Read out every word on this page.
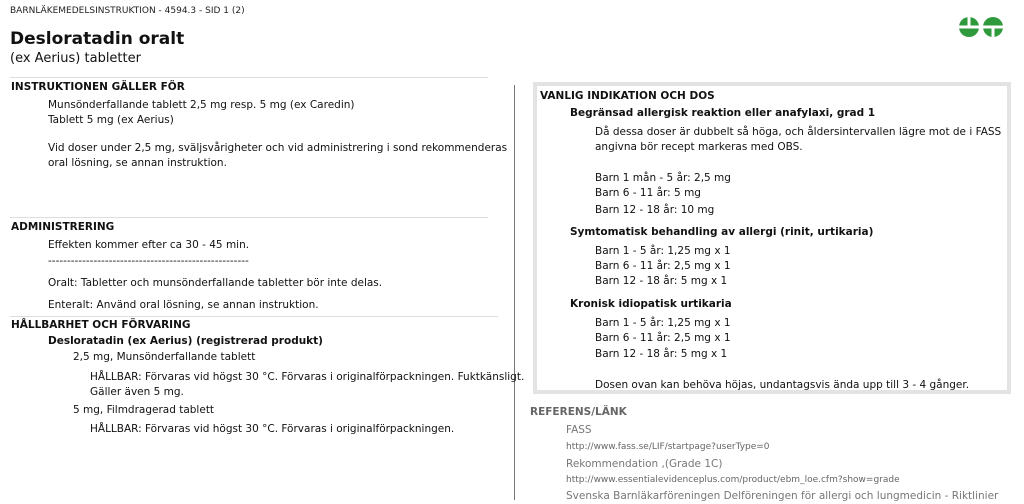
BARNLÄKEMEDELSINSTRUKTION - 4594.3 - SID 1 (2)
Desloratadin oralt
(ex Aerius) tabletter
INSTRUKTIONEN GÄLLER FÖR
Munsönderfallande tablett 2,5 mg resp. 5 mg (ex Caredin)
Tablett 5 mg (ex Aerius)
Vid doser under 2,5 mg, sväljsvårigheter och vid administrering i sond rekommenderas
oral lösning, se annan instruktion.
ADMINISTRERING
Effekten kommer efter ca 30 - 45 min.
-----------------------------------------------------
Oralt: Tabletter och munsönderfallande tabletter bör inte delas.
Enteralt: Använd oral lösning, se annan instruktion.
HÅLLBARHET OCH FÖRVARING
Desloratadin (ex Aerius) (registrerad produkt)
2,5 mg, Munsönderfallande tablett
HÅLLBAR: Förvaras vid högst 30 °C. Förvaras i originalförpackningen. Fuktkänsligt.
Gäller även 5 mg.
5 mg, Filmdragerad tablett
HÅLLBAR: Förvaras vid högst 30 °C. Förvaras i originalförpackningen.
VANLIG INDIKATION OCH DOS
Begränsad allergisk reaktion eller anafylaxi, grad 1
Då dessa doser är dubbelt så höga, och åldersintervallen lägre mot de i FASS
angivna bör recept markeras med OBS.
Barn 1 mån - 5 år: 2,5 mg
Barn 6 - 11 år: 5 mg
Barn 12 - 18 år: 10 mg
Symtomatisk behandling av allergi (rinit, urtikaria)
Barn 1 - 5 år: 1,25 mg x 1
Barn 6 - 11 år: 2,5 mg x 1
Barn 12 - 18 år: 5 mg x 1
Kronisk idiopatisk urtikaria
Barn 1 - 5 år: 1,25 mg x 1
Barn 6 - 11 år: 2,5 mg x 1
Barn 12 - 18 år: 5 mg x 1
Dosen ovan kan behöva höjas, undantagsvis ända upp till 3 - 4 gånger.
REFERENS/LÄNK
FASS
http://www.fass.se/LIF/startpage?userType=0
Rekommendation ,(Grade 1C)
http://www.essentialevidenceplus.com/product/ebm_loe.cfm?show=grade
Svenska Barnläkarföreningen Delföreningen för allergi och lungmedicin - Riktlinier
